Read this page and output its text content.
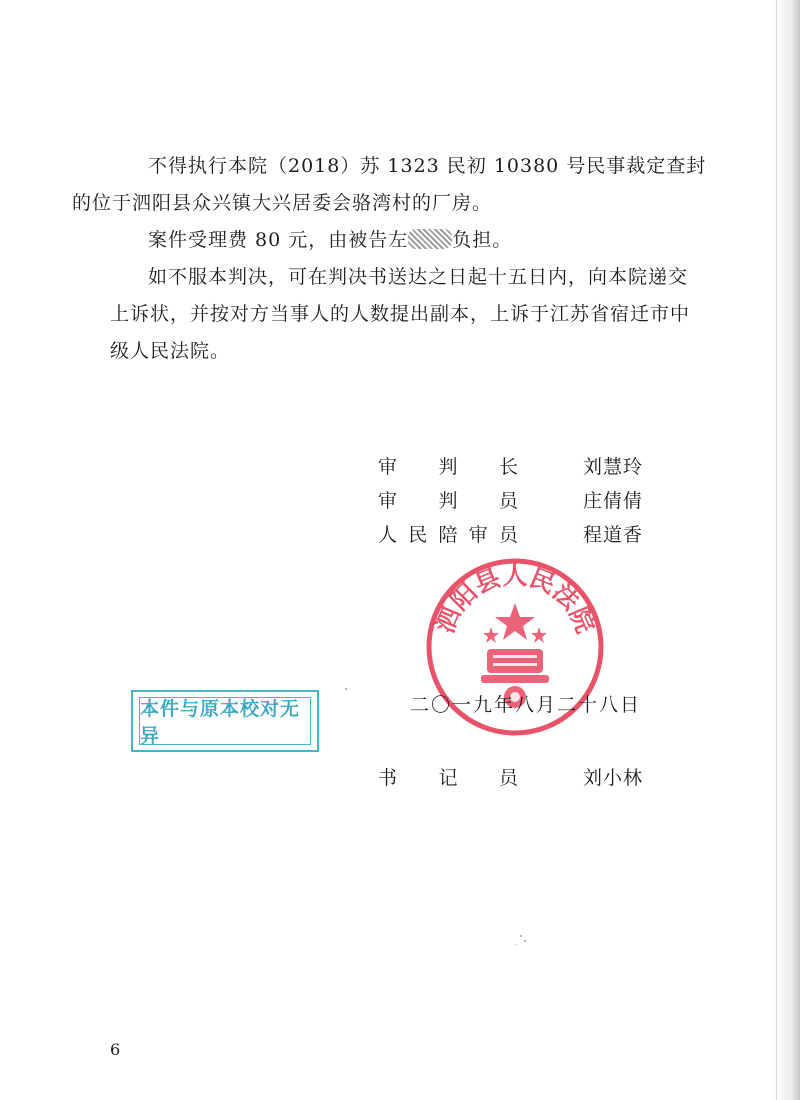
不得执行本院（2018）苏 1323 民初 10380 号民事裁定查封
的位于泗阳县众兴镇大兴居委会骆湾村的厂房。

案件受理费 80 元，由被告左 负担。

如不服本判决，可在判决书送达之日起十五日内，向本院递交上诉状，并按对方当事人的人数提出副本，上诉于江苏省宿迁市中级人民法院。

审 判 长	刘慧玲
审 判 员	庄倩倩
人 民 陪 审 员	程道香
泗阳县人民法院
二〇一九年八月二十八日
本件与原本校对无异
书 记 员	刘小林
6
